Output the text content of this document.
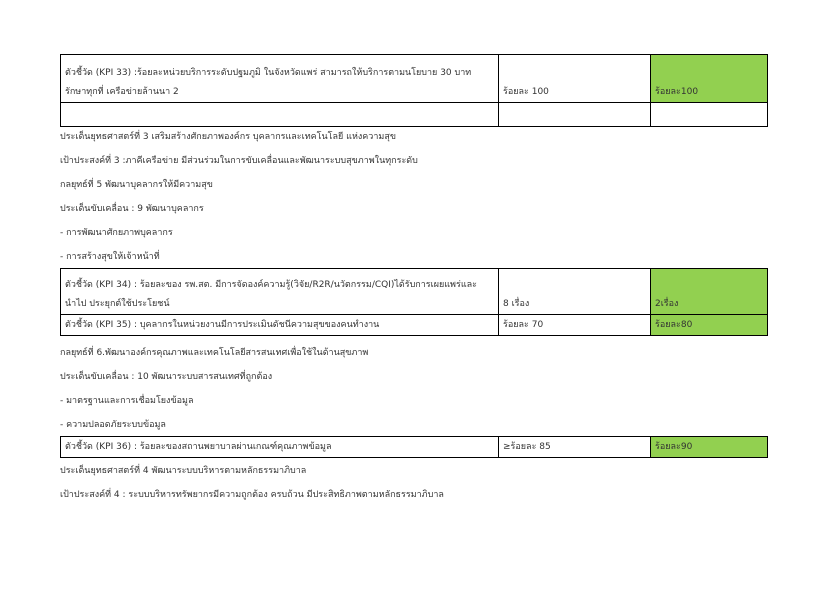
ตัวชี้วัด (KPI 33) :ร้อยละหน่วยบริการระดับปฐมภูมิ ในจังหวัดแพร่ สามารถให้บริการตามนโยบาย 30 บาท
รักษาทุกที่ เครือข่ายล้านนา 2	ร้อยละ 100	ร้อยละ100

ประเด็นยุทธศาสตร์ที่ 3 เสริมสร้างศักยภาพองค์กร บุคลากรและเทคโนโลยี แห่งความสุข
เป้าประสงค์ที่ 3 :ภาคีเครือข่าย มีส่วนร่วมในการขับเคลื่อนและพัฒนาระบบสุขภาพในทุกระดับ
กลยุทธ์ที่ 5 พัฒนาบุคลากรให้มีความสุข
ประเด็นขับเคลื่อน : 9 พัฒนาบุคลากร
- การพัฒนาศักยภาพบุคลากร
- การสร้างสุขให้เจ้าหน้าที่
ตัวชี้วัด (KPI 34) : ร้อยละของ รพ.สต. มีการจัดองค์ความรู้(วิจัย/R2R/นวัตกรรม/CQI)ได้รับการเผยแพร่และ
นำไป ประยุกต์ใช้ประโยชน์	8 เรื่อง	2เรื่อง
ตัวชี้วัด (KPI 35) : บุคลากรในหน่วยงานมีการประเมินดัชนีความสุขของคนทำงาน	ร้อยละ 70	ร้อยละ80
กลยุทธ์ที่ 6.พัฒนาองค์กรคุณภาพและเทคโนโลยีสารสนเทศเพื่อใช้ในด้านสุขภาพ
ประเด็นขับเคลื่อน : 10 พัฒนาระบบสารสนเทศที่ถูกต้อง
- มาตรฐานและการเชื่อมโยงข้อมูล
- ความปลอดภัยระบบข้อมูล
ตัวชี้วัด (KPI 36) : ร้อยละของสถานพยาบาลผ่านเกณฑ์คุณภาพข้อมูล	≥ร้อยละ 85	ร้อยละ90
ประเด็นยุทธศาสตร์ที่ 4 พัฒนาระบบบริหารตามหลักธรรมาภิบาล
เป้าประสงค์ที่ 4 : ระบบบริหารทรัพยากรมีความถูกต้อง ครบถ้วน มีประสิทธิภาพตามหลักธรรมาภิบาล
